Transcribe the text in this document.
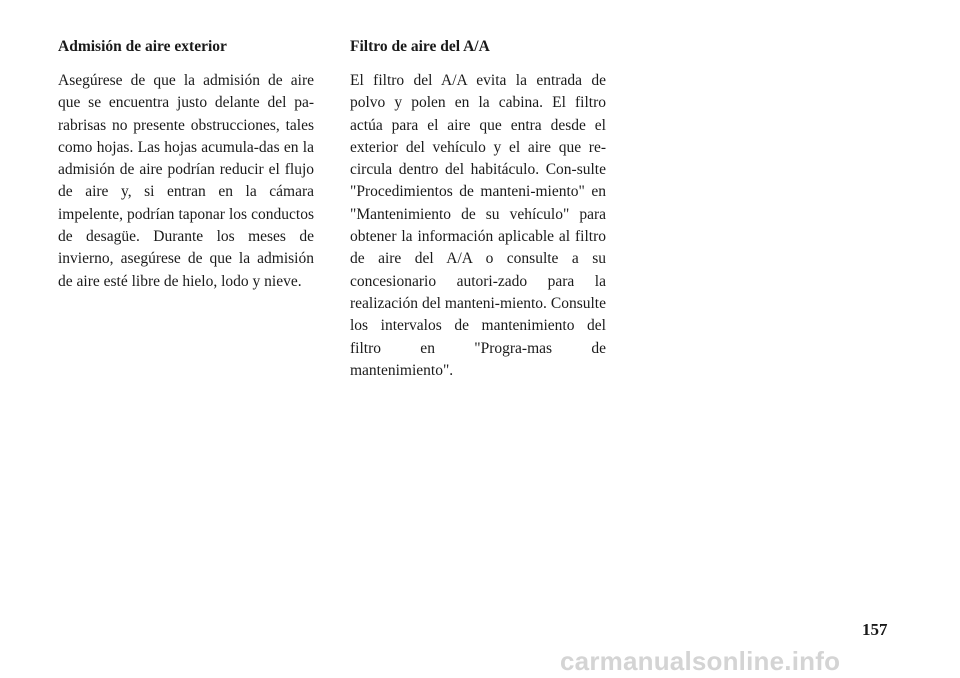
Admisión de aire exterior

Asegúrese de que la admisión de aire que se encuentra justo delante del pa-rabrisas no presente obstrucciones, tales como hojas. Las hojas acumula-das en la admisión de aire podrían reducir el flujo de aire y, si entran en la cámara impelente, podrían taponar los conductos de desagüe. Durante los meses de invierno, asegúrese de que la admisión de aire esté libre de hielo, lodo y nieve.

Filtro de aire del A/A

El filtro del A/A evita la entrada de polvo y polen en la cabina. El filtro actúa para el aire que entra desde el exterior del vehículo y el aire que re-circula dentro del habitáculo. Con-sulte "Procedimientos de manteni-miento" en "Mantenimiento de su vehículo" para obtener la información aplicable al filtro de aire del A/A o consulte a su concesionario autori-zado para la realización del manteni-miento. Consulte los intervalos de mantenimiento del filtro en "Progra-mas de mantenimiento".

157
carmanualsonline.info
